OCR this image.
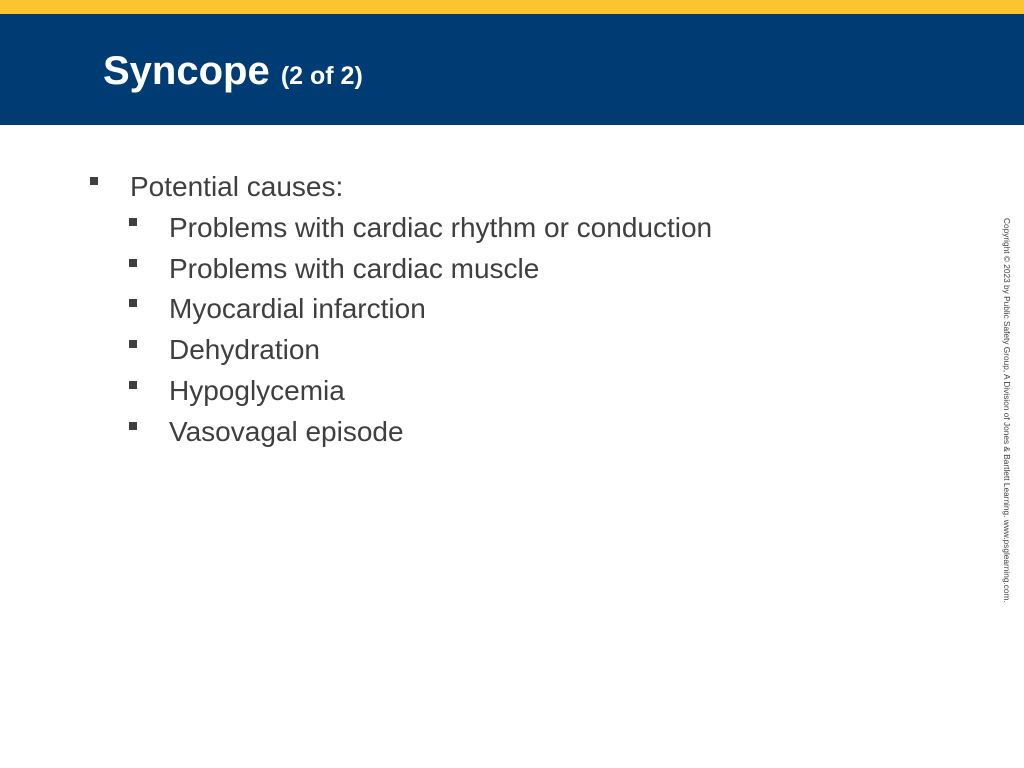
Syncope (2 of 2)
Potential causes:
Problems with cardiac rhythm or conduction
Problems with cardiac muscle
Myocardial infarction
Dehydration
Hypoglycemia
Vasovagal episode	Copyright © 2023 by Public Safety Group, A Division of Jones & Bartlett Learning. www.psglearning.com.
